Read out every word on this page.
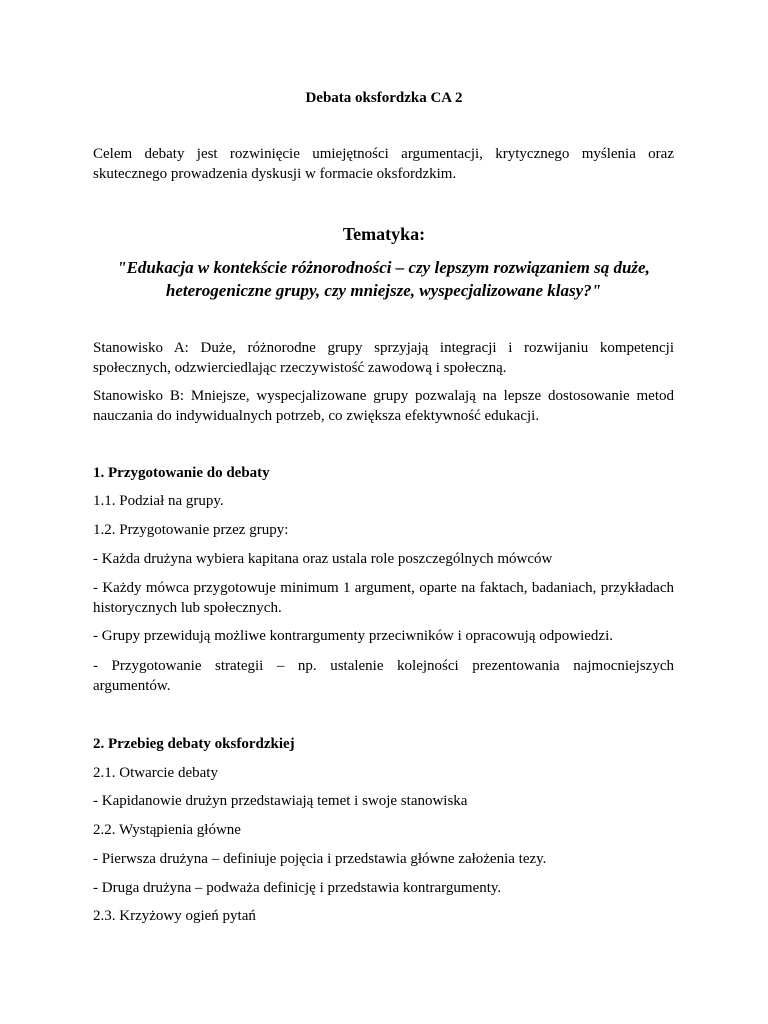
Debata oksfordzka CA 2

Celem debaty jest rozwinięcie umiejętności argumentacji, krytycznego myślenia oraz skutecznego prowadzenia dyskusji w formacie oksfordzkim.

Tematyka:
"Edukacja w kontekście różnorodności – czy lepszym rozwiązaniem są duże, heterogeniczne grupy, czy mniejsze, wyspecjalizowane klasy?"

Stanowisko A: Duże, różnorodne grupy sprzyjają integracji i rozwijaniu kompetencji społecznych, odzwierciedlając rzeczywistość zawodową i społeczną.

Stanowisko B: Mniejsze, wyspecjalizowane grupy pozwalają na lepsze dostosowanie metod nauczania do indywidualnych potrzeb, co zwiększa efektywność edukacji.

1. Przygotowanie do debaty

1.1. Podział na grupy.

1.2. Przygotowanie przez grupy:

- Każda drużyna wybiera kapitana oraz ustala role poszczególnych mówców

- Każdy mówca przygotowuje minimum 1 argument, oparte na faktach, badaniach, przykładach historycznych lub społecznych.

- Grupy przewidują możliwe kontrargumenty przeciwników i opracowują odpowiedzi.

- Przygotowanie strategii – np. ustalenie kolejności prezentowania najmocniejszych argumentów.

2. Przebieg debaty oksfordzkiej

2.1. Otwarcie debaty

- Kapidanowie drużyn przedstawiają temet i swoje stanowiska

2.2. Wystąpienia główne

- Pierwsza drużyna – definiuje pojęcia i przedstawia główne założenia tezy.

- Druga drużyna – podważa definicję i przedstawia kontrargumenty.

2.3. Krzyżowy ogień pytań
